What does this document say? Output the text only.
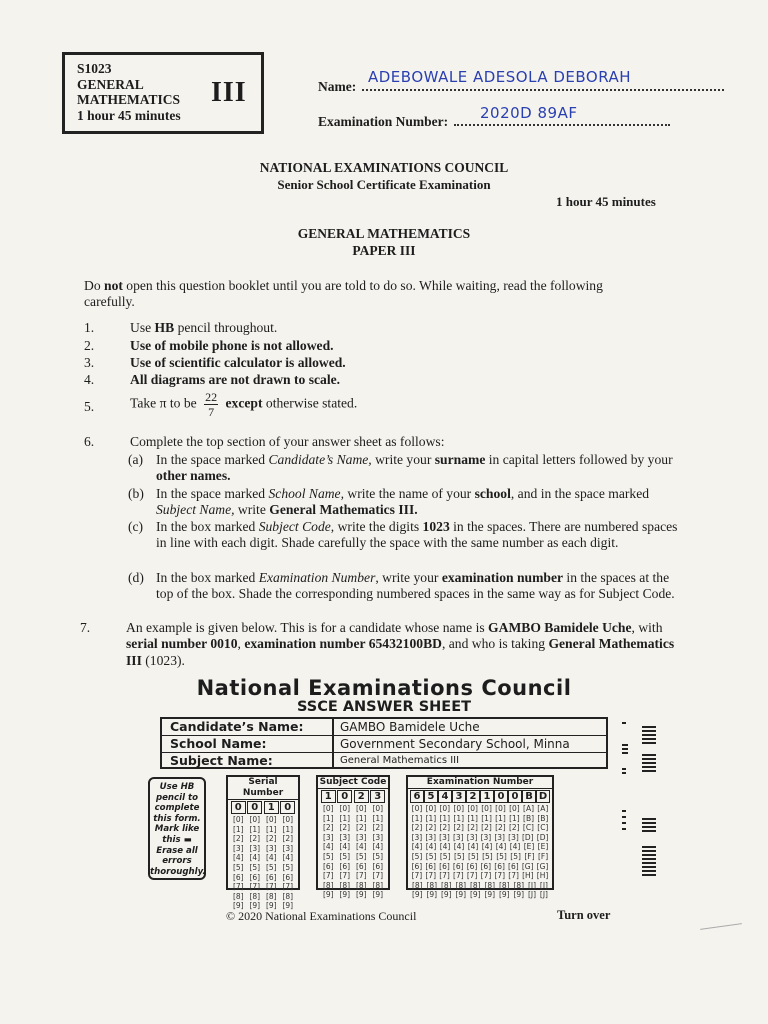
S1023
GENERAL
MATHEMATICS
1 hour 45 minutes
III	Name:
ADEBOWALE ADESOLA DEBORAH
Examination Number:	2020D 89AF
NATIONAL EXAMINATIONS COUNCIL
Senior School Certificate Examination
1 hour 45 minutes
GENERAL MATHEMATICS
PAPER III
Do not open this question booklet until you are told to do so. While waiting, read the following
carefully.
1.	Use HB pencil throughout.
2.	Use of mobile phone is not allowed.
3.	Use of scientific calculator is allowed.
4.	All diagrams are not drawn to scale.
5.	Take π to be $\frac{22}{7}$ except otherwise stated.
6.	Complete the top section of your answer sheet as follows:
(a) In the space marked Candidate’s Name, write your surname in capital letters followed by your other names.
(b) In the space marked School Name, write the name of your school, and in the space marked Subject Name, write General Mathematics III.
(c) In the box marked Subject Code, write the digits 1023 in the spaces. There are numbered spaces in line with each digit. Shade carefully the space with the same number as each digit.
(d) In the box marked Examination Number, write your examination number in the spaces at the top of the box. Shade the corresponding numbered spaces in the same way as for Subject Code.
7.	An example is given below. This is for a candidate whose name is GAMBO Bamidele Uche, with serial number 0010, examination number 65432100BD, and who is taking General Mathematics III (1023).
National Examinations Council
SSCE ANSWER SHEET
Candidate’s Name:	GAMBO Bamidele Uche
School Name:	Government Secondary School, Minna
Subject Name:	General Mathematics III
Use HB
pencil to
complete
this form.
Mark like
this ▬
Erase all
errors
thoroughly.
Serial Number
0 0 1 0
[0] [0] [0] [0]
[1] [1] [1] [1]
[2] [2] [2] [2]
[3] [3] [3] [3]
[4] [4] [4] [4]
[5] [5] [5] [5]
[6] [6] [6] [6]
[7] [7] [7] [7]
[8] [8] [8] [8]
[9] [9] [9] [9]
Subject Code
1 0 2 3
[0] [0] [0] [0]
[1] [1] [1] [1]
[2] [2] [2] [2]
[3] [3] [3] [3]
[4] [4] [4] [4]
[5] [5] [5] [5]
[6] [6] [6] [6]
[7] [7] [7] [7]
[8] [8] [8] [8]
[9] [9] [9] [9]
Examination Number
6 5 4 3 2 1 0 0 B D
[0] [0] [0] [0] [0] [0] [0] [0] [A] [A]
[1] [1] [1] [1] [1] [1] [1] [1] [B] [B]
[2] [2] [2] [2] [2] [2] [2] [2] [C] [C]
[3] [3] [3] [3] [3] [3] [3] [3] [D] [D]
[4] [4] [4] [4] [4] [4] [4] [4] [E] [E]
[5] [5] [5] [5] [5] [5] [5] [5] [F] [F]
[6] [6] [6] [6] [6] [6] [6] [6] [G] [G]
[7] [7] [7] [7] [7] [7] [7] [7] [H] [H]
[8] [8] [8] [8] [8] [8] [8] [8] [I] [I]
[9] [9] [9] [9] [9] [9] [9] [9] [J] [J]
© 2020 National Examinations Council	Turn over
